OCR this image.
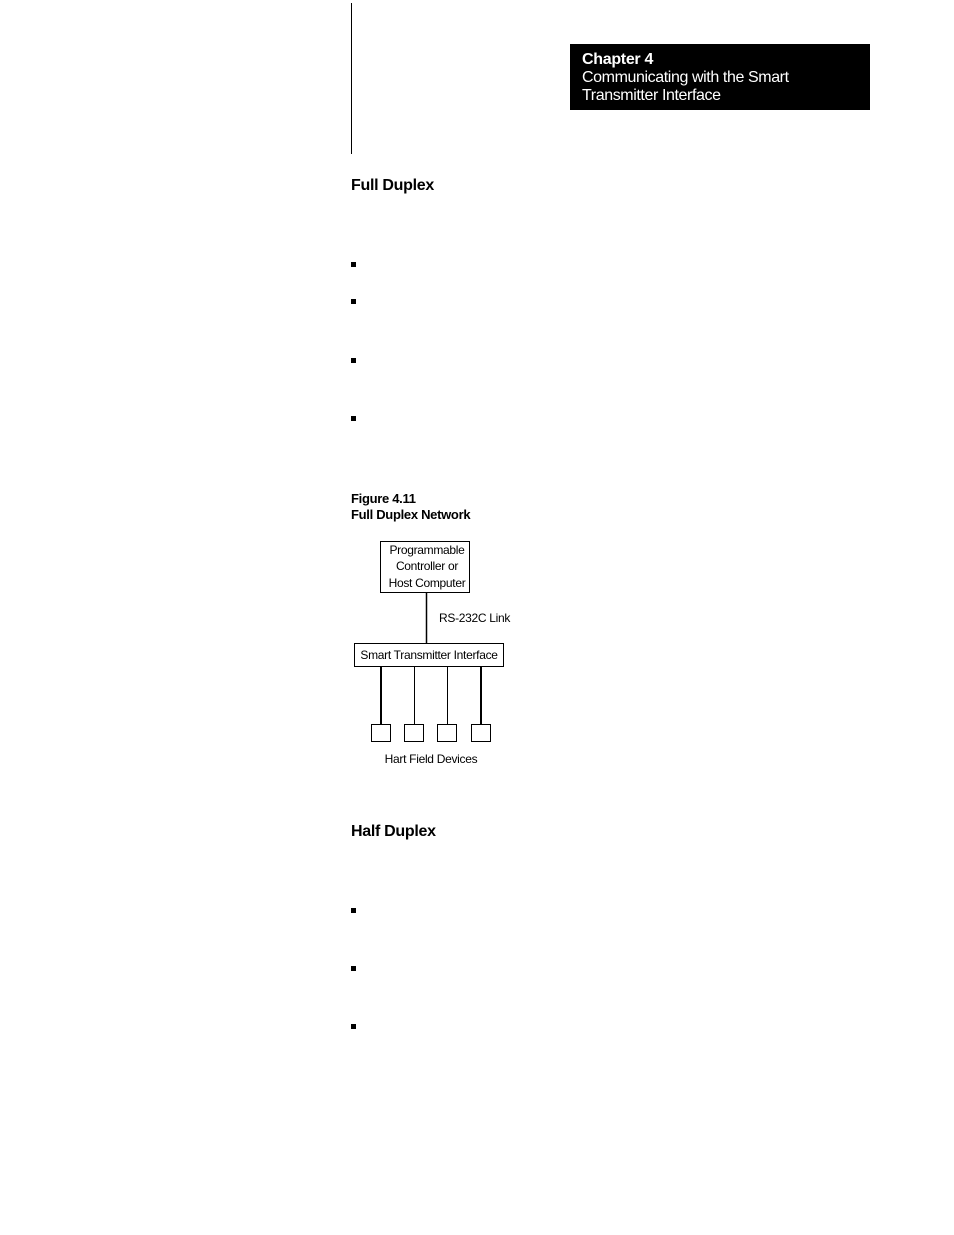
Chapter 4
Communicating with the Smart
Transmitter Interface
Full Duplex
Figure 4.11
Full Duplex Network
Programmable
Controller or
Host Computer
RS-232C Link
Smart Transmitter Interface
Hart Field Devices
Half Duplex
